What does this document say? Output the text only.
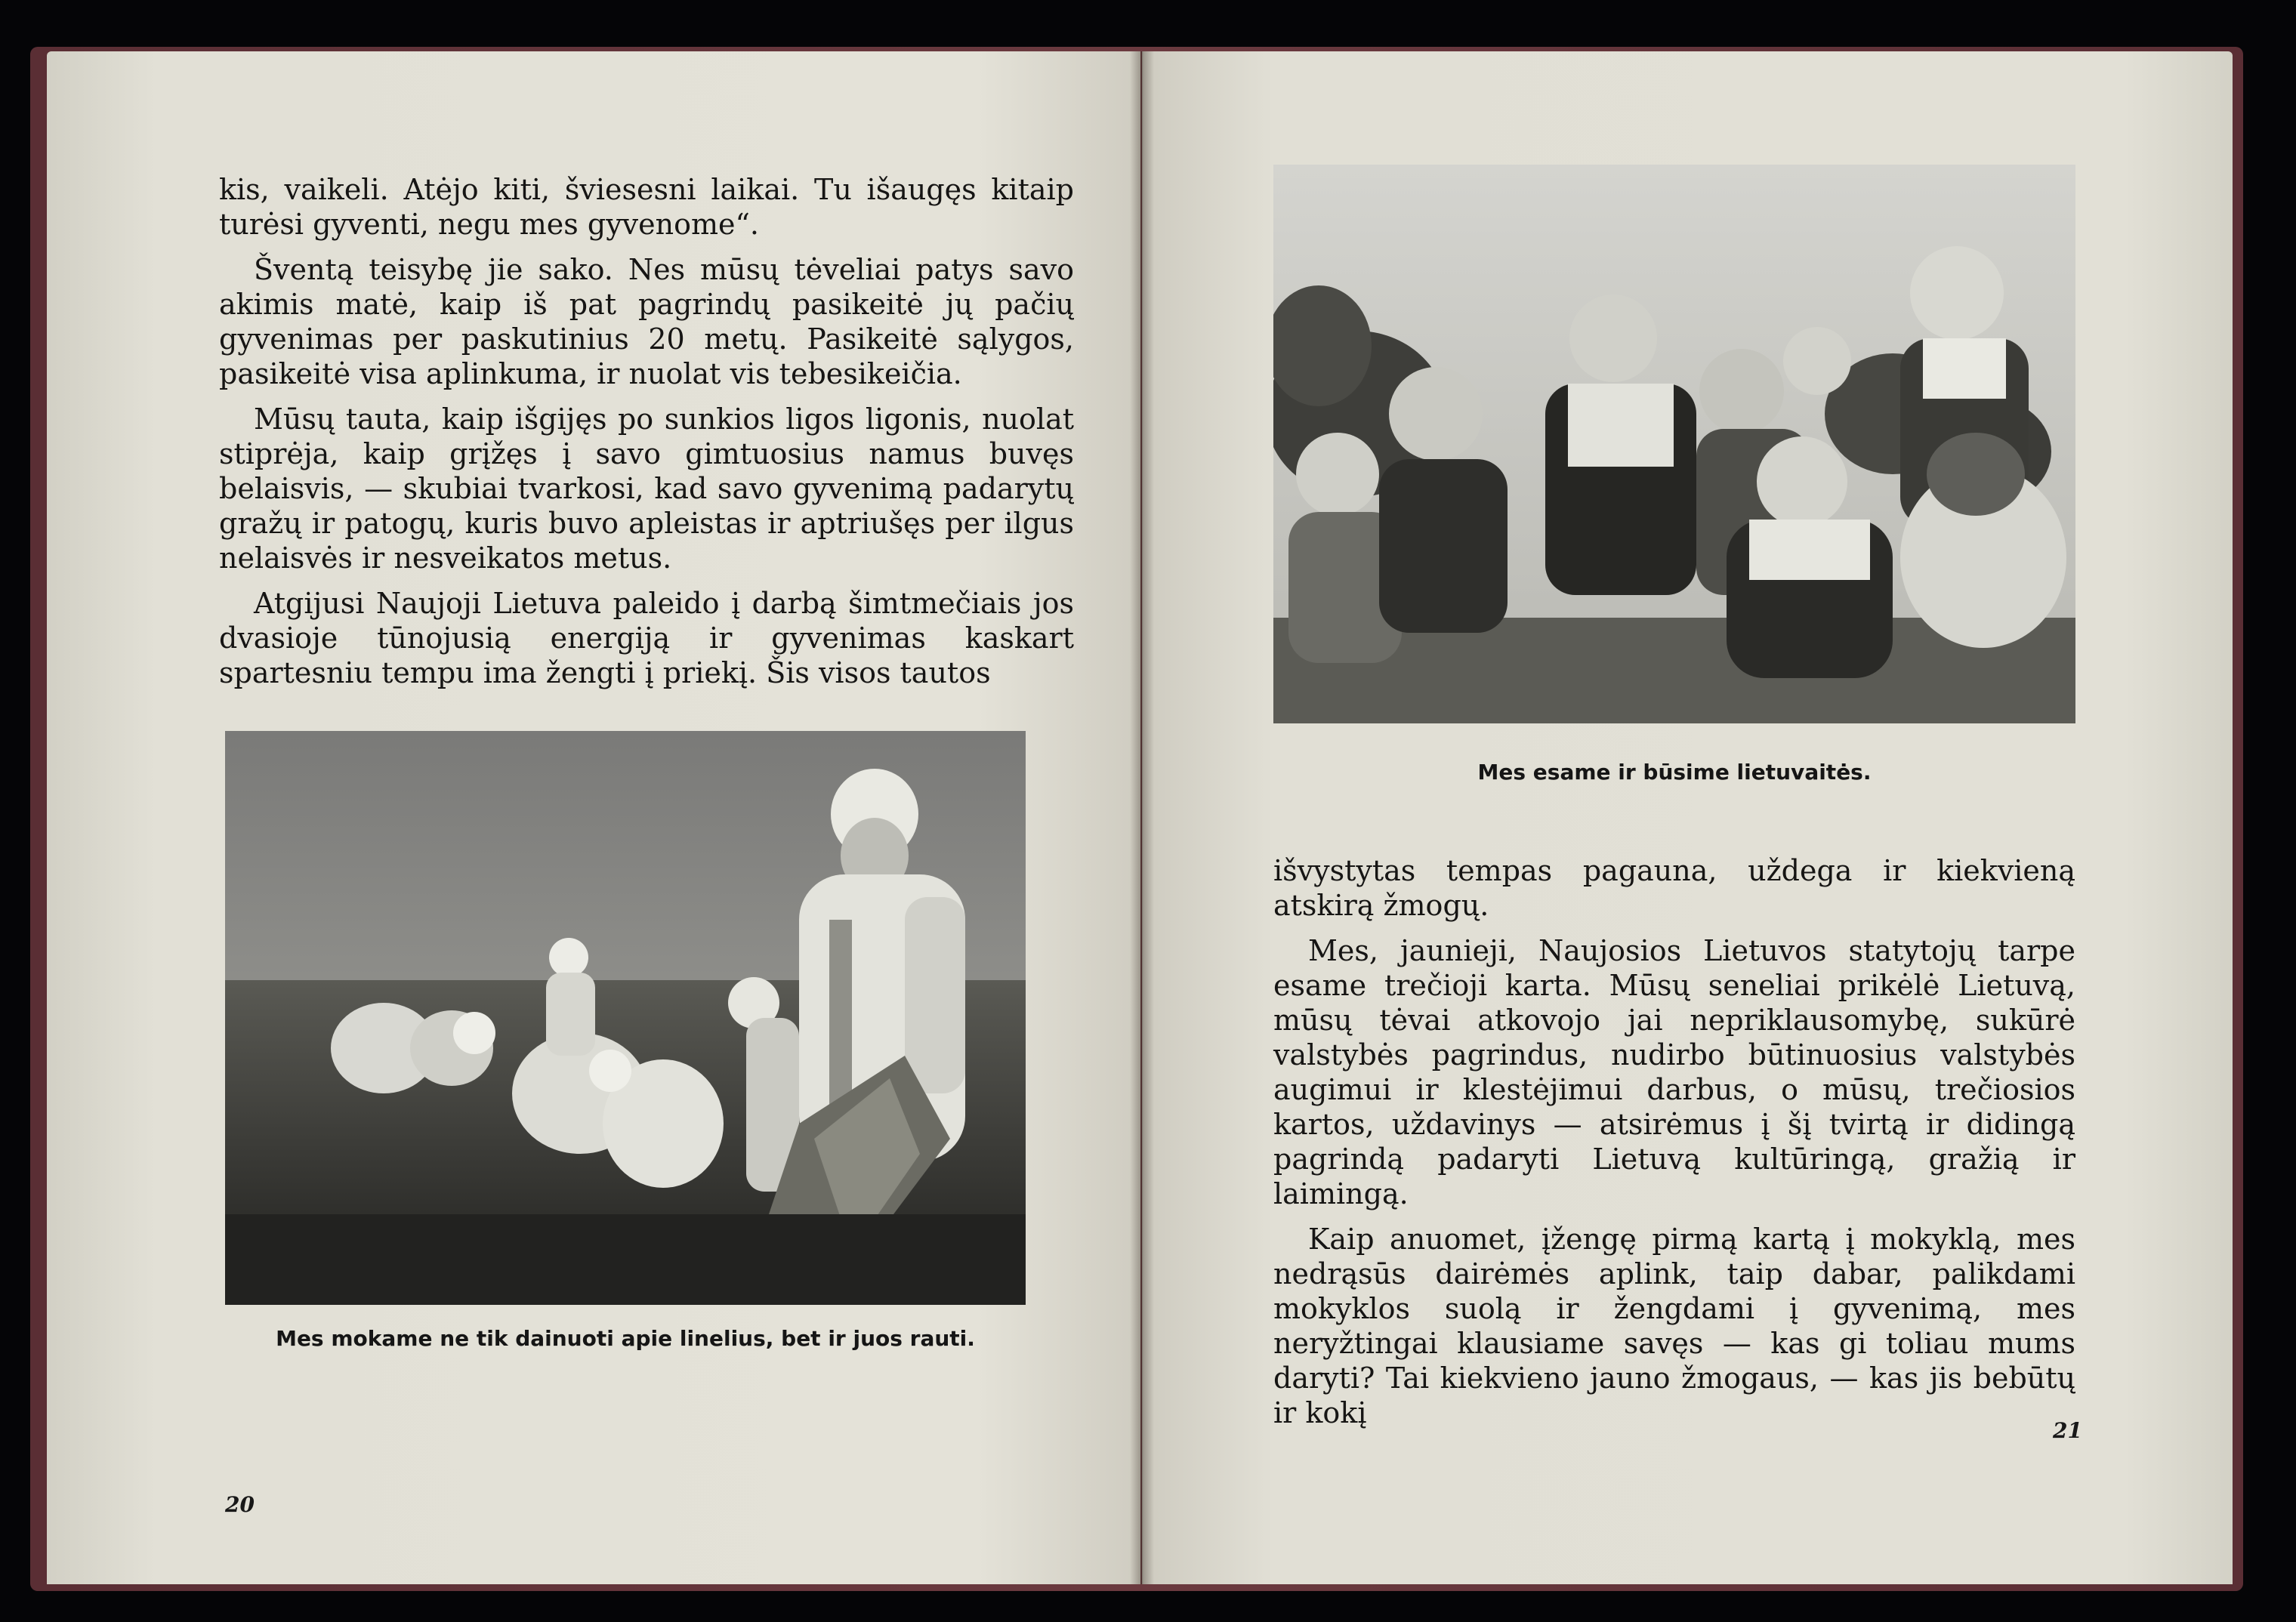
kis, vaikeli. Atėjo kiti, šviesesni laikai. Tu išaugęs kitaip turėsi gyventi, negu mes gyvenome“.

Šventą teisybę jie sako. Nes mūsų tėveliai patys savo akimis matė, kaip iš pat pagrindų pasikeitė jų pačių gyvenimas per paskutinius 20 metų. Pasikeitė sąlygos, pasikeitė visa aplinkuma, ir nuolat vis tebesikeičia.

Mūsų tauta, kaip išgijęs po sunkios ligos ligonis, nuolat stiprėja, kaip grįžęs į savo gimtuosius namus buvęs belaisvis, — skubiai tvarkosi, kad savo gyvenimą padarytų gražų ir patogų, kuris buvo apleistas ir aptriušęs per ilgus nelaisvės ir nesveikatos metus.

Atgijusi Naujoji Lietuva paleido į darbą šimtmečiais jos dvasioje tūnojusią energiją ir gyvenimas kaskart spartesniu tempu ima žengti į priekį. Šis visos tautos

Mes mokame ne tik dainuoti apie linelius, bet ir juos rauti.
20
Mes esame ir būsime lietuvaitės.

išvystytas tempas pagauna, uždega ir kiekvieną atskirą žmogų.

Mes, jaunieji, Naujosios Lietuvos statytojų tarpe esame trečioji karta. Mūsų seneliai prikėlė Lietuvą, mūsų tėvai atkovojo jai nepriklausomybę, sukūrė valstybės pagrindus, nudirbo būtinuosius valstybės augimui ir klestėjimui darbus, o mūsų, trečiosios kartos, uždavinys — atsirėmus į šį tvirtą ir didingą pagrindą padaryti Lietuvą kultūringą, gražią ir laimingą.

Kaip anuomet, įžengę pirmą kartą į mokyklą, mes nedrąsūs dairėmės aplink, taip dabar, palikdami mokyklos suolą ir žengdami į gyvenimą, mes neryžtingai klausiame savęs — kas gi toliau mums daryti? Tai kiekvieno jauno žmogaus, — kas jis bebūtų ir kokį

21
